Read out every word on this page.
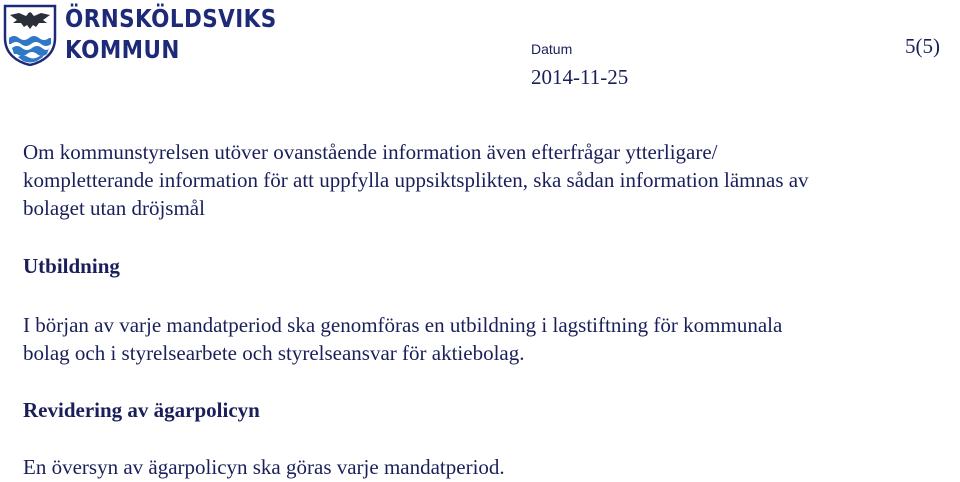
ÖRNSKÖLDSVIKS
KOMMUN	Datum	5(5)
2014-11-25
Om kommunstyrelsen utöver ovanstående information även efterfrågar ytterligare/
kompletterande information för att uppfylla uppsiktsplikten, ska sådan information lämnas av
bolaget utan dröjsmål
Utbildning
I början av varje mandatperiod ska genomföras en utbildning i lagstiftning för kommunala
bolag och i styrelsearbete och styrelseansvar för aktiebolag.
Revidering av ägarpolicyn
En översyn av ägarpolicyn ska göras varje mandatperiod.
